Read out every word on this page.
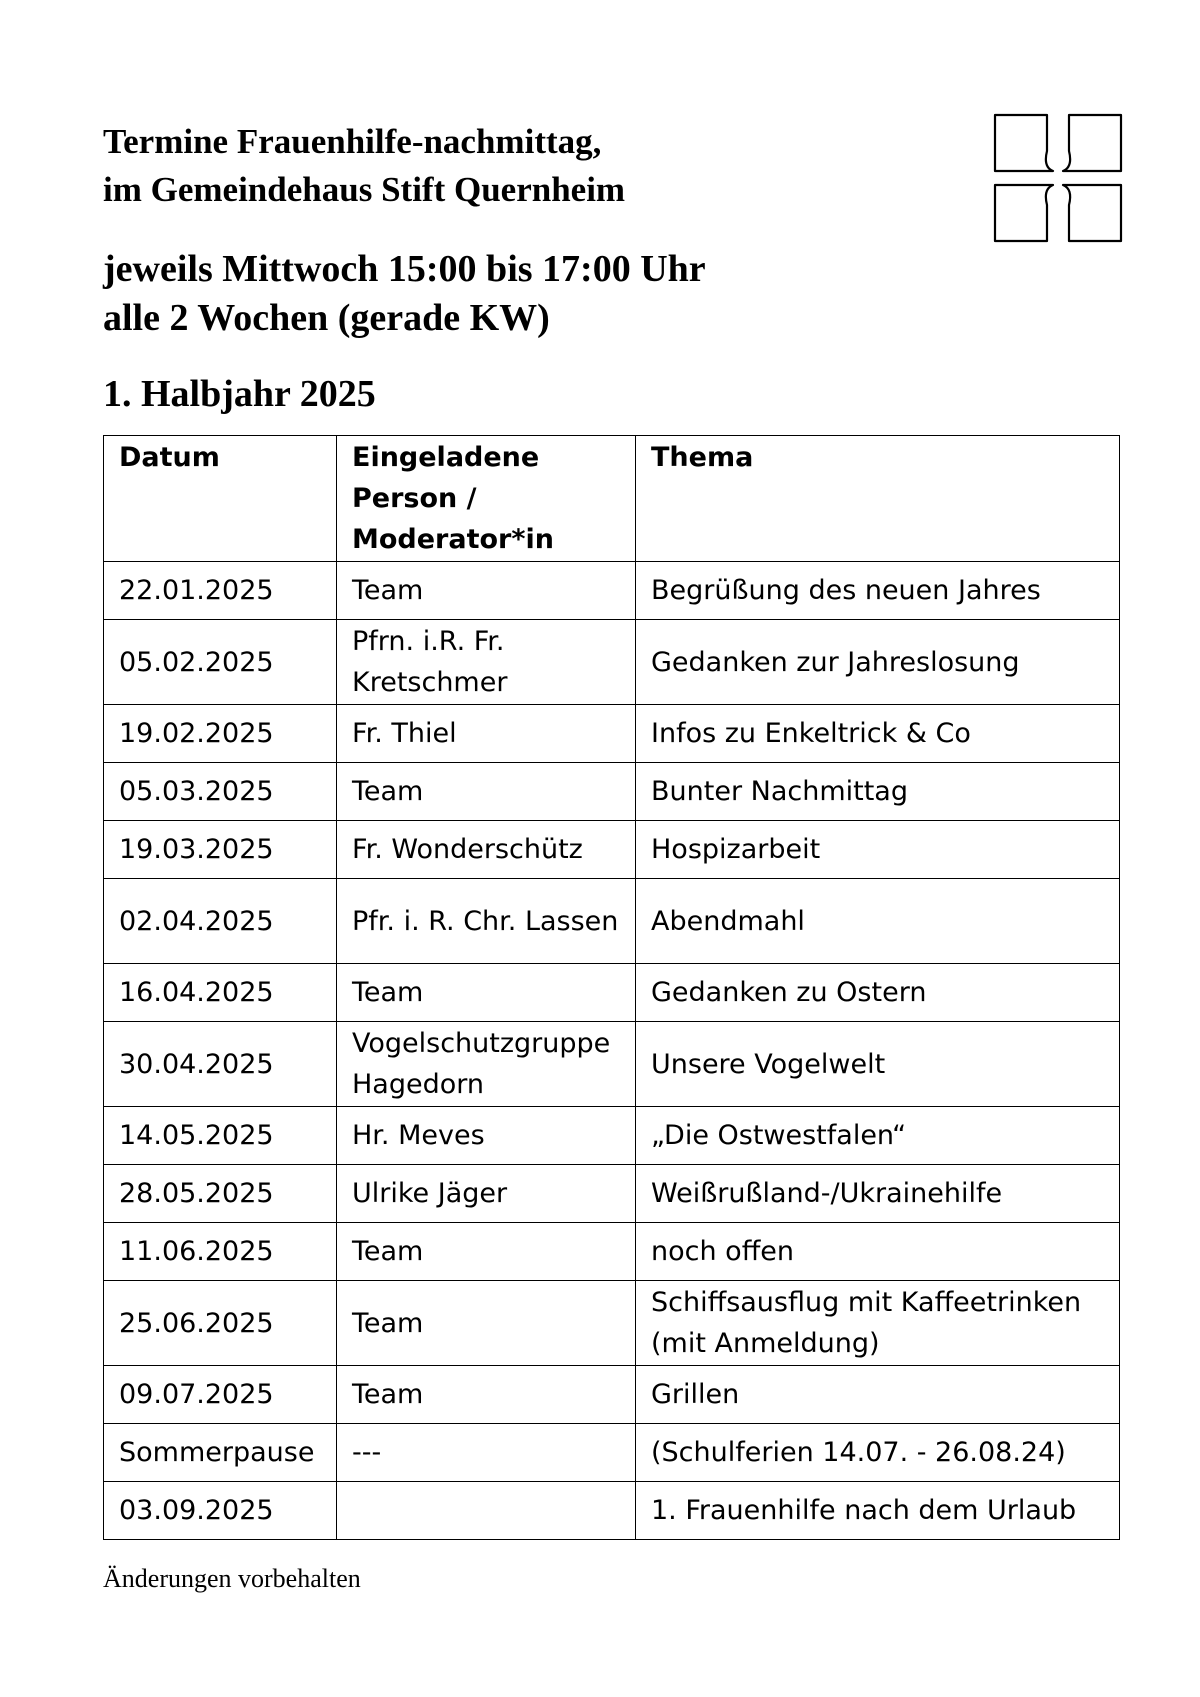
Termine Frauenhilfe-nachmittag,

im Gemeindehaus Stift Quernheim

jeweils Mittwoch 15:00 bis 17:00 Uhr

alle 2 Wochen (gerade KW)

1. Halbjahr 2025

Datum	Eingeladene Person / Moderator*in	Thema
22.01.2025	Team	Begrüßung des neuen Jahres
05.02.2025	Pfrn. i.R. Fr. Kretschmer	Gedanken zur Jahreslosung
19.02.2025	Fr. Thiel	Infos zu Enkeltrick & Co
05.03.2025	Team	Bunter Nachmittag
19.03.2025	Fr. Wonderschütz	Hospizarbeit
02.04.2025	Pfr. i. R. Chr. Lassen	Abendmahl
16.04.2025	Team	Gedanken zu Ostern
30.04.2025	Vogelschutzgruppe Hagedorn	Unsere Vogelwelt
14.05.2025	Hr. Meves	„Die Ostwestfalen“
28.05.2025	Ulrike Jäger	Weißrußland-/Ukrainehilfe
11.06.2025	Team	noch offen
25.06.2025	Team	Schiffsausflug mit Kaffeetrinken (mit Anmeldung)
09.07.2025	Team	Grillen
Sommerpause	---	(Schulferien 14.07. - 26.08.24)
03.09.2025		1. Frauenhilfe nach dem Urlaub
Änderungen vorbehalten
